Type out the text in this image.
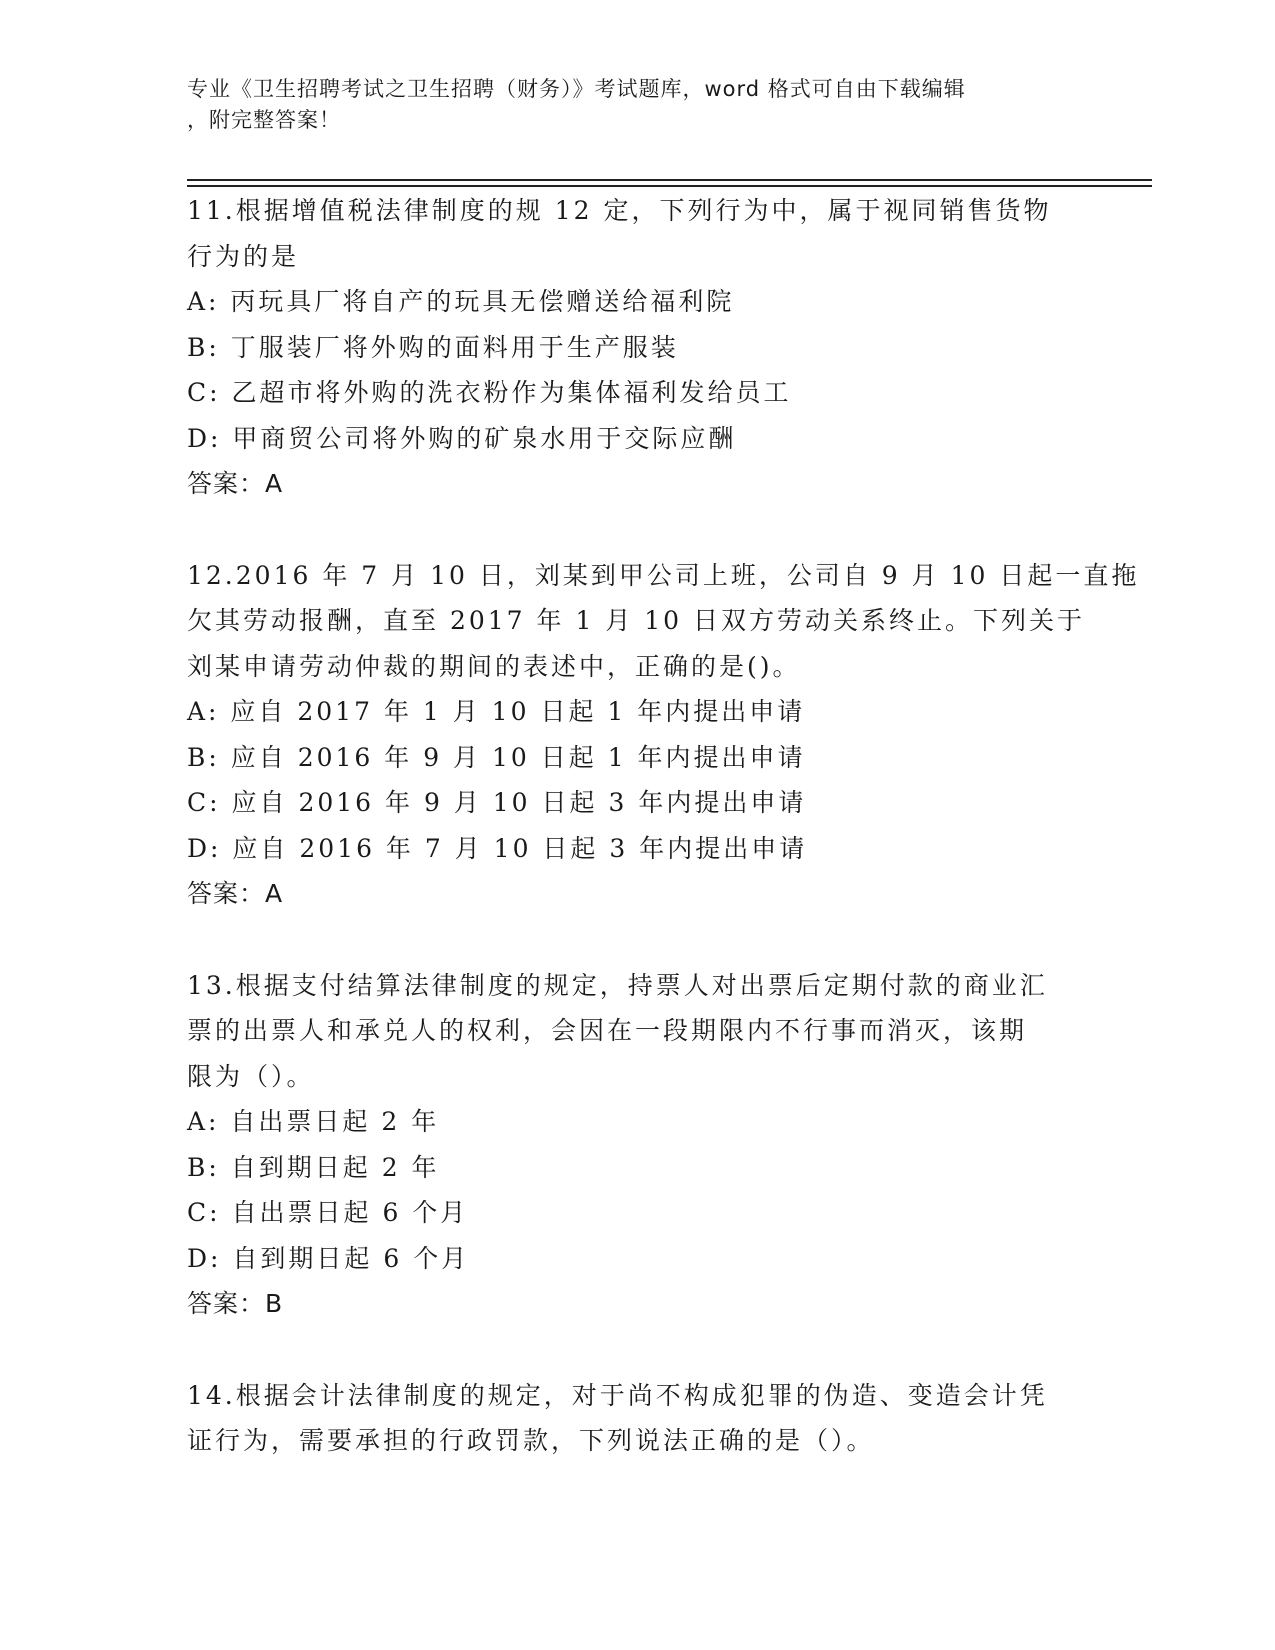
专业《卫生招聘考试之卫生招聘（财务）》考试题库，word 格式可自由下载编辑
，附完整答案！
11.根据增值税法律制度的规 12 定，下列行为中，属于视同销售货物
行为的是
A: 丙玩具厂将自产的玩具无偿赠送给福利院
B: 丁服装厂将外购的面料用于生产服装
C: 乙超市将外购的洗衣粉作为集体福利发给员工
D: 甲商贸公司将外购的矿泉水用于交际应酬
答案：A
12.2016 年 7 月 10 日，刘某到甲公司上班，公司自 9 月 10 日起一直拖
欠其劳动报酬，直至 2017 年 1 月 10 日双方劳动关系终止。下列关于
刘某申请劳动仲裁的期间的表述中，正确的是()。
A: 应自 2017 年 1 月 10 日起 1 年内提出申请
B: 应自 2016 年 9 月 10 日起 1 年内提出申请
C: 应自 2016 年 9 月 10 日起 3 年内提出申请
D: 应自 2016 年 7 月 10 日起 3 年内提出申请
答案：A
13.根据支付结算法律制度的规定，持票人对出票后定期付款的商业汇
票的出票人和承兑人的权利，会因在一段期限内不行事而消灭，该期
限为（）。
A: 自出票日起 2 年
B: 自到期日起 2 年
C: 自出票日起 6 个月
D: 自到期日起 6 个月
答案：B
14.根据会计法律制度的规定，对于尚不构成犯罪的伪造、变造会计凭
证行为，需要承担的行政罚款，下列说法正确的是（）。
